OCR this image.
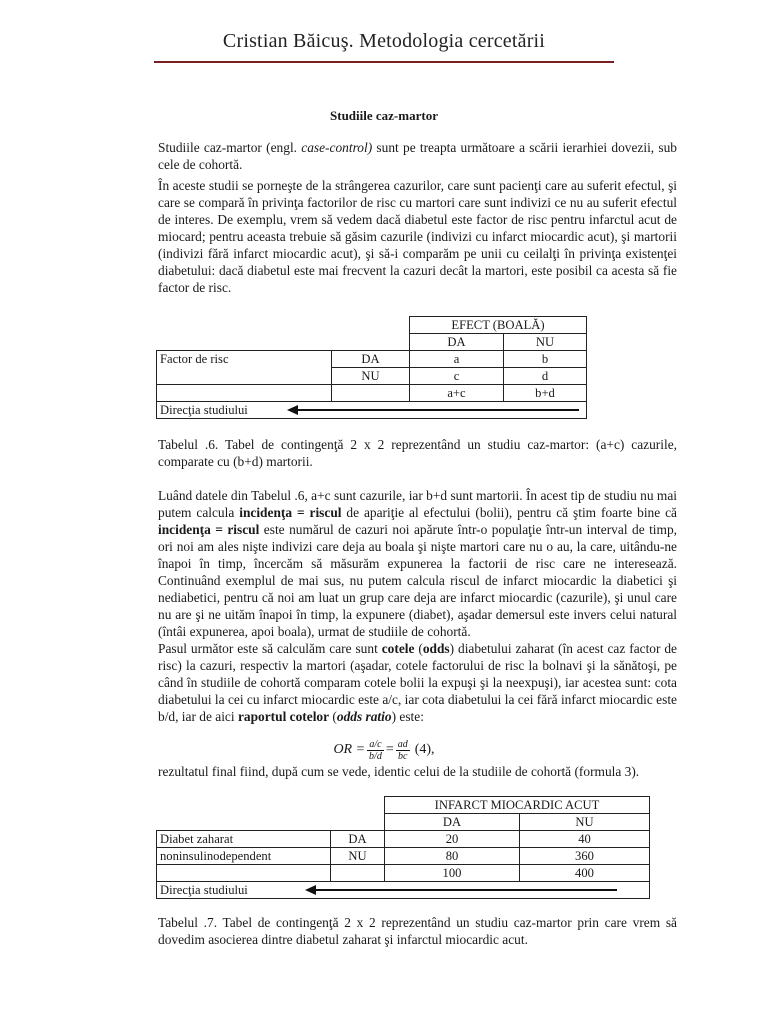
Cristian Băicuş. Metodologia cercetării
Studiile caz-martor

Studiile caz-martor (engl. case-control) sunt pe treapta următoare a scării ierarhiei dovezii, sub cele de cohortă.

În aceste studii se porneşte de la strângerea cazurilor, care sunt pacienţi care au suferit efectul, şi care se compară în privinţa factorilor de risc cu martori care sunt indivizi ce nu au suferit efectul de interes. De exemplu, vrem să vedem dacă diabetul este factor de risc pentru infarctul acut de miocard; pentru aceasta trebuie să găsim cazurile (indivizi cu infarct miocardic acut), şi martorii (indivizi fără infarct miocardic acut), şi să-i comparăm pe unii cu ceilalţi în privinţa existenţei diabetului: dacă diabetul este mai frecvent la cazuri decât la martori, este posibil ca acesta să fie factor de risc.

		EFECT (BOALĂ)	
		DA	NU
Factor de risc	DA	a	b
	NU	c	d
		a+c	b+d
Direcţia studiului			

Tabelul .6. Tabel de contingenţă 2 x 2 reprezentând un studiu caz-martor: (a+c) cazurile, comparate cu (b+d) martorii.

Luând datele din Tabelul .6, a+c sunt cazurile, iar b+d sunt martorii. În acest tip de studiu nu mai putem calcula incidenţa = riscul de apariţie al efectului (bolii), pentru că ştim foarte bine că incidenţa = riscul este numărul de cazuri noi apărute într-o populaţie într-un interval de timp, ori noi am ales nişte indivizi care deja au boala şi nişte martori care nu o au, la care, uitându-ne înapoi în timp, încercăm să măsurăm expunerea la factorii de risc care ne interesează. Continuând exemplul de mai sus, nu putem calcula riscul de infarct miocardic la diabetici şi nediabetici, pentru că noi am luat un grup care deja are infarct miocardic (cazurile), şi unul care nu are şi ne uităm înapoi în timp, la expunere (diabet), aşadar demersul este invers celui natural (întâi expunerea, apoi boala), urmat de studiile de cohortă.

Pasul următor este să calculăm care sunt cotele (odds) diabetului zaharat (în acest caz factor de risc) la cazuri, respectiv la martori (aşadar, cotele factorului de risc la bolnavi şi la sănătoşi, pe când în studiile de cohortă comparam cotele bolii la expuşi şi la neexpuşi), iar acestea sunt: cota diabetului la cei cu infarct miocardic este a/c, iar cota diabetului la cei fără infarct miocardic este b/d, iar de aici raportul cotelor (odds ratio) este:

OR = $\frac{a/c}{b/d} = \frac{ad}{bc} (4)$,

rezultatul final fiind, după cum se vede, identic celui de la studiile de cohortă (formula 3).

		INFARCT MIOCARDIC ACUT	
		DA	NU
Diabet zaharat	DA	20	40
noninsulinodependent	NU	80	360
		100	400
Direcţia studiului			

Tabelul .7. Tabel de contingenţă 2 x 2 reprezentând un studiu caz-martor prin care vrem să dovedim asocierea dintre diabetul zaharat şi infarctul miocardic acut.
